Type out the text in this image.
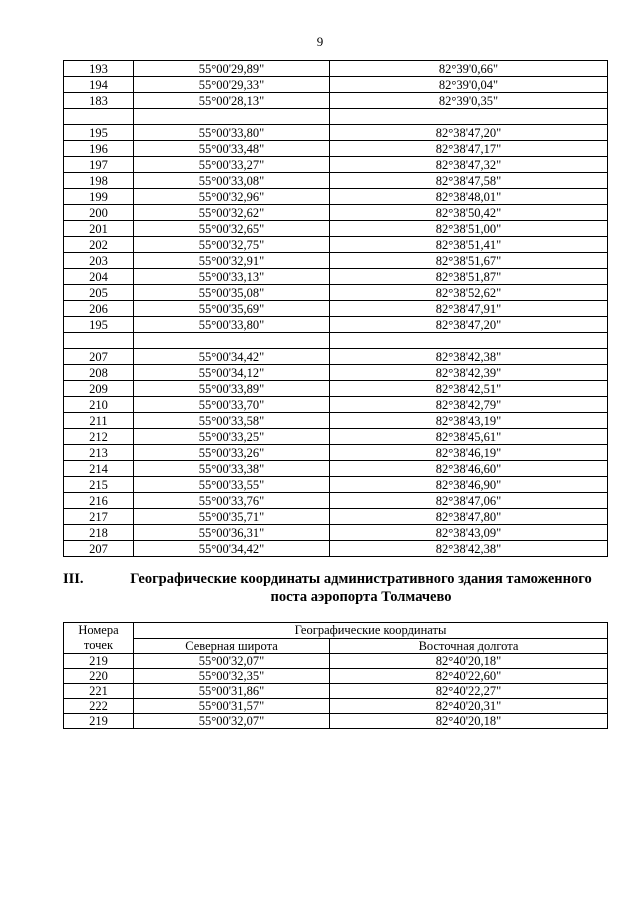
9
193	55°00'29,89"	82°39'0,66"
194	55°00'29,33"	82°39'0,04"
183	55°00'28,13"	82°39'0,35"

195	55°00'33,80"	82°38'47,20"
196	55°00'33,48"	82°38'47,17"
197	55°00'33,27"	82°38'47,32"
198	55°00'33,08"	82°38'47,58"
199	55°00'32,96"	82°38'48,01"
200	55°00'32,62"	82°38'50,42"
201	55°00'32,65"	82°38'51,00"
202	55°00'32,75"	82°38'51,41"
203	55°00'32,91"	82°38'51,67"
204	55°00'33,13"	82°38'51,87"
205	55°00'35,08"	82°38'52,62"
206	55°00'35,69"	82°38'47,91"
195	55°00'33,80"	82°38'47,20"

207	55°00'34,42"	82°38'42,38"
208	55°00'34,12"	82°38'42,39"
209	55°00'33,89"	82°38'42,51"
210	55°00'33,70"	82°38'42,79"
211	55°00'33,58"	82°38'43,19"
212	55°00'33,25"	82°38'45,61"
213	55°00'33,26"	82°38'46,19"
214	55°00'33,38"	82°38'46,60"
215	55°00'33,55"	82°38'46,90"
216	55°00'33,76"	82°38'47,06"
217	55°00'35,71"	82°38'47,80"
218	55°00'36,31"	82°38'43,09"
207	55°00'34,42"	82°38'42,38"
III.	Географические координаты административного здания таможенного поста аэропорта Толмачево
Номера точек	Географические координаты	
	Северная широта	Восточная долгота
219	55°00'32,07"	82°40'20,18"
220	55°00'32,35"	82°40'22,60"
221	55°00'31,86"	82°40'22,27"
222	55°00'31,57"	82°40'20,31"
219	55°00'32,07"	82°40'20,18"
